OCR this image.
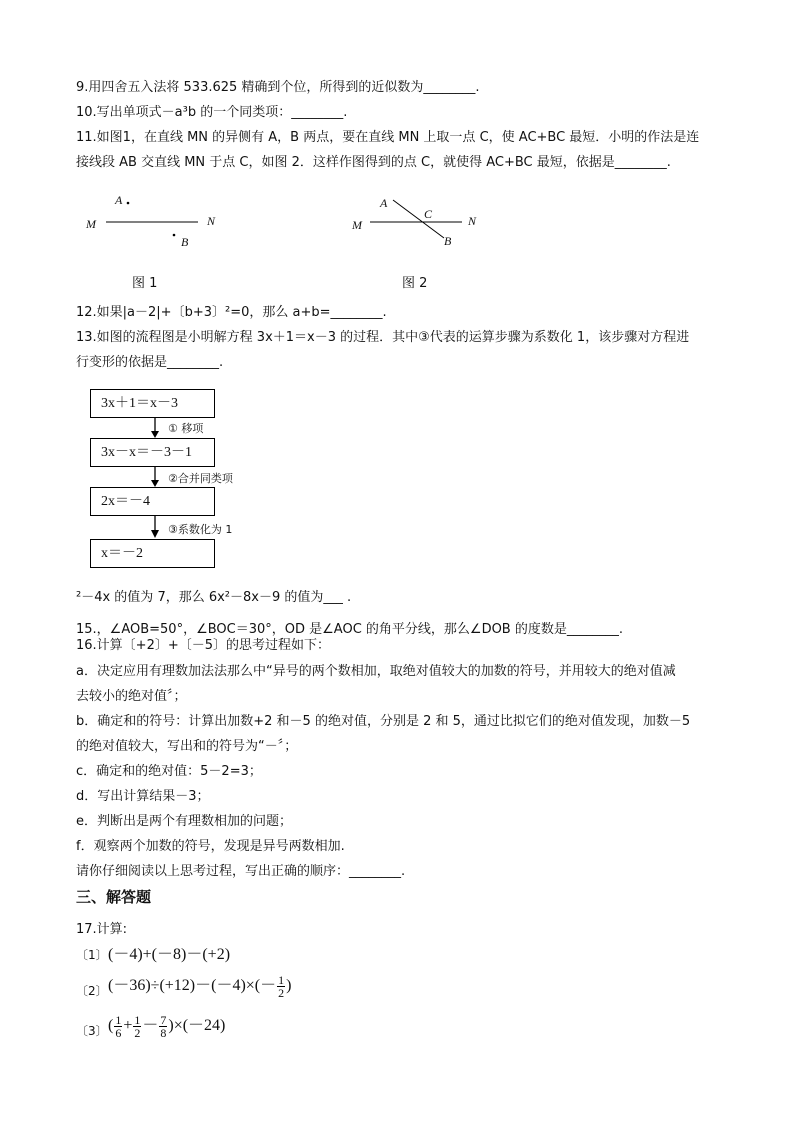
9.用四舍五入法将 533.625 精确到个位，所得到的近似数为________.
10.写出单项式－a³b 的一个同类项：________.
11.如图1，在直线 MN 的异侧有 A，B 两点，要在直线 MN 上取一点 C，使 AC+BC 最短．小明的作法是连
接线段 AB 交直线 MN 于点 C，如图 2．这样作图得到的点 C，就使得 AC+BC 最短，依据是________.
A
M	N
B
图 1
A
C
M	N
B
图 2
12.如果|a－2|+〔b+3〕²=0，那么 a+b=________.
13.如图的流程图是小明解方程 3x＋1＝x－3 的过程．其中③代表的运算步骤为系数化 1，该步骤对方程进
行变形的依据是________.
3x＋1＝x－3
3x－x＝－3－1
2x＝－4
x＝－2
① 移项
②合并同类项
③系数化为 1
²－4x 的值为 7，那么 6x²－8x－9 的值为___ .
15.，∠AOB=50°，∠BOC＝30°，OD 是∠AOC 的角平分线，那么∠DOB 的度数是________.
16.计算〔+2〕+〔－5〕的思考过程如下：
a．决定应用有理数加法法那么中“异号的两个数相加，取绝对值较大的加数的符号，并用较大的绝对值减
去较小的绝对值〞；
b．确定和的符号：计算出加数+2 和－5 的绝对值，分别是 2 和 5，通过比拟它们的绝对值发现，加数－5
的绝对值较大，写出和的符号为“－〞；
c．确定和的绝对值：5－2=3；
d．写出计算结果－3；
e．判断出是两个有理数相加的问题；
f．观察两个加数的符号，发现是异号两数相加.
请你仔细阅读以上思考过程，写出正确的顺序：________.
三、解答题
17.计算:
〔1〕 (－4)+(－8)－(+2)
〔2〕 $(-36)\div(+12)-(-4)\times(- \frac{1}{2}$ )
〔3〕 ( $\frac{1}{6} + \frac{1}{2} - \frac{7}{8} )\times(-24)$
